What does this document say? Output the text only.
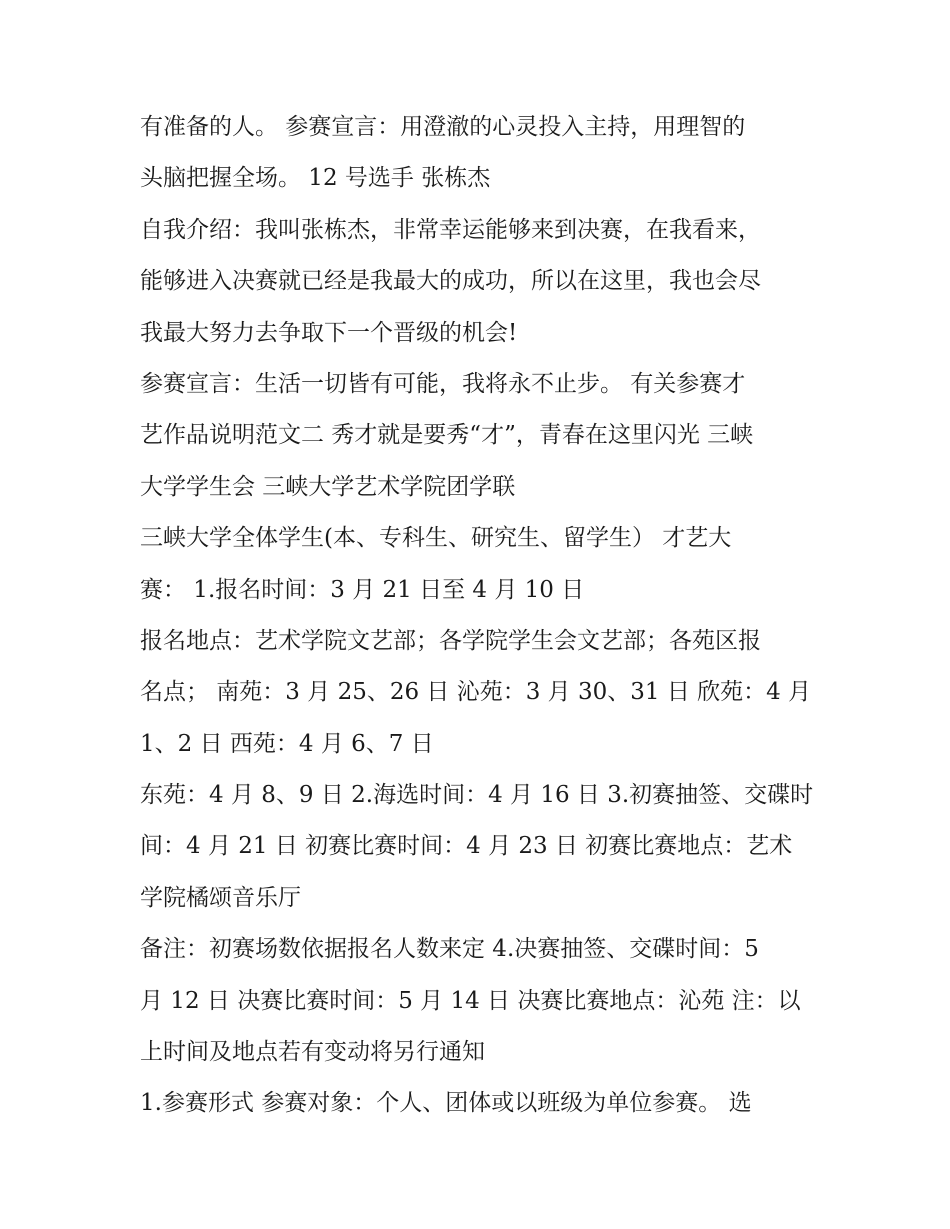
有准备的人。 参赛宣言：用澄澈的心灵投入主持，用理智的
头脑把握全场。 12 号选手 张栋杰
自我介绍：我叫张栋杰，非常幸运能够来到决赛，在我看来，
能够进入决赛就已经是我最大的成功，所以在这里，我也会尽
我最大努力去争取下一个晋级的机会!
参赛宣言：生活一切皆有可能，我将永不止步。 有关参赛才
艺作品说明范文二 秀才就是要秀“才”，青春在这里闪光 三峡
大学学生会 三峡大学艺术学院团学联
三峡大学全体学生(本、专科生、研究生、留学生） 才艺大
赛： 1.报名时间：3 月 21 日至 4 月 10 日
报名地点：艺术学院文艺部；各学院学生会文艺部；各苑区报
名点； 南苑：3 月 25、26 日 沁苑：3 月 30、31 日 欣苑：4 月
1、2 日 西苑：4 月 6、7 日
东苑：4 月 8、9 日 2.海选时间：4 月 16 日 3.初赛抽签、交碟时
间：4 月 21 日 初赛比赛时间：4 月 23 日 初赛比赛地点：艺术
学院橘颂音乐厅
备注：初赛场数依据报名人数来定 4.决赛抽签、交碟时间：5
月 12 日 决赛比赛时间：5 月 14 日 决赛比赛地点：沁苑 注：以
上时间及地点若有变动将另行通知
1.参赛形式 参赛对象：个人、团体或以班级为单位参赛。 选
